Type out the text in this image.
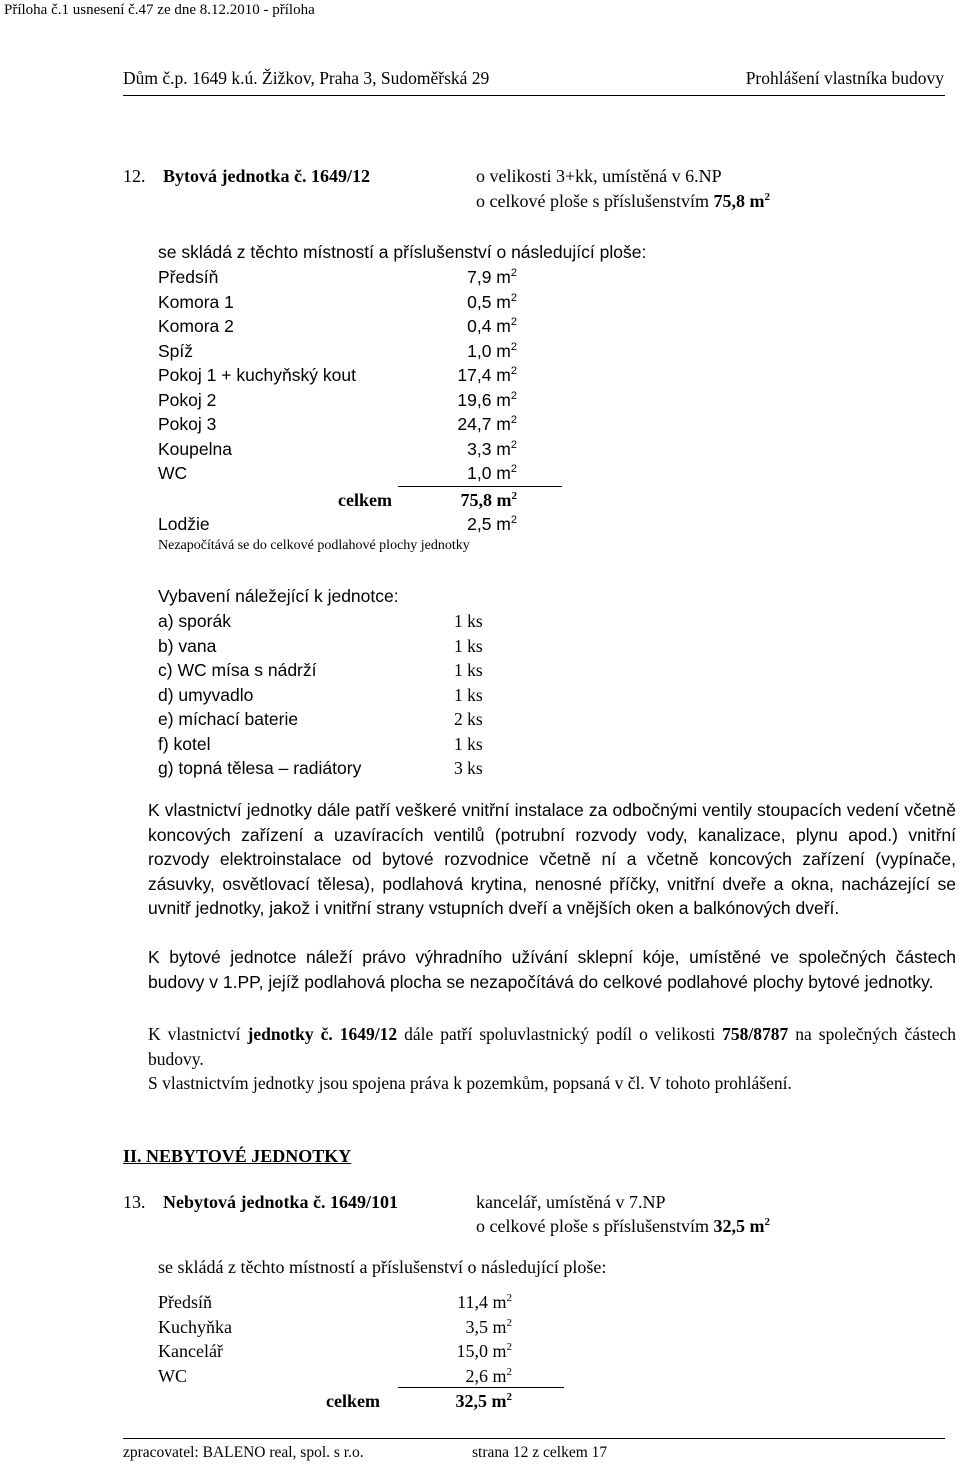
Příloha č.1 usnesení č.47 ze dne 8.12.2010 - příloha
Dům č.p. 1649 k.ú. Žižkov, Praha 3, Sudoměřská 29	Prohlášení vlastníka budovy
12. Bytová jednotka č. 1649/12	o velikosti 3+kk, umístěná v 6.NP
o celkové ploše s příslušenstvím 75,8 $m^2$
se skládá z těchto místností a příslušenství o následující ploše:
Předsíň	7,9 $m^2$
Komora 1	0,5 $m^2$
Komora 2	0,4 $m^2$
Spíž	1,0 $m^2$
Pokoj 1 + kuchyňský kout	17,4 $m^2$
Pokoj 2	19,6 $m^2$
Pokoj 3	24,7 $m^2$
Koupelna	3,3 $m^2$
WC	1,0 $m^2$
celkem	75,8 $m^2$
Lodžie	2,5 $m^2$
Nezapočítává se do celkové podlahové plochy jednotky
Vybavení náležející k jednotce:
a) sporák	1 ks
b) vana	1 ks
c) WC mísa s nádrží	1 ks
d) umyvadlo	1 ks
e) míchací baterie	2 ks
f) kotel	1 ks
g) topná tělesa – radiátory	3 ks
K vlastnictví jednotky dále patří veškeré vnitřní instalace za odbočnými ventily stoupacích vedení včetně koncových zařízení a uzavíracích ventilů (potrubní rozvody vody, kanalizace, plynu apod.) vnitřní rozvody elektroinstalace od bytové rozvodnice včetně ní a včetně koncových zařízení (vypínače, zásuvky, osvětlovací tělesa), podlahová krytina, nenosné příčky, vnitřní dveře a okna, nacházející se uvnitř jednotky, jakož i vnitřní strany vstupních dveří a vnějších oken a balkónových dveří.
K bytové jednotce náleží právo výhradního užívání sklepní kóje, umístěné ve společných částech budovy v 1.PP, jejíž podlahová plocha se nezapočítává do celkové podlahové plochy bytové jednotky.
K vlastnictví jednotky č. 1649/12 dále patří spoluvlastnický podíl o velikosti 758/8787 na společných částech budovy.
S vlastnictvím jednotky jsou spojena práva k pozemkům, popsaná v čl. V tohoto prohlášení.
II. NEBYTOVÉ JEDNOTKY
13. Nebytová jednotka č. 1649/101	kancelář, umístěná v 7.NP
o celkové ploše s příslušenstvím 32,5 $m^2$
se skládá z těchto místností a příslušenství o následující ploše:
Předsíň	11,4 $m^2$
Kuchyňka	3,5 $m^2$
Kancelář	15,0 $m^2$
WC	2,6 $m^2$
celkem	32,5 $m^2$
zpracovatel: BALENO real, spol. s r.o.	strana 12 z celkem 17
